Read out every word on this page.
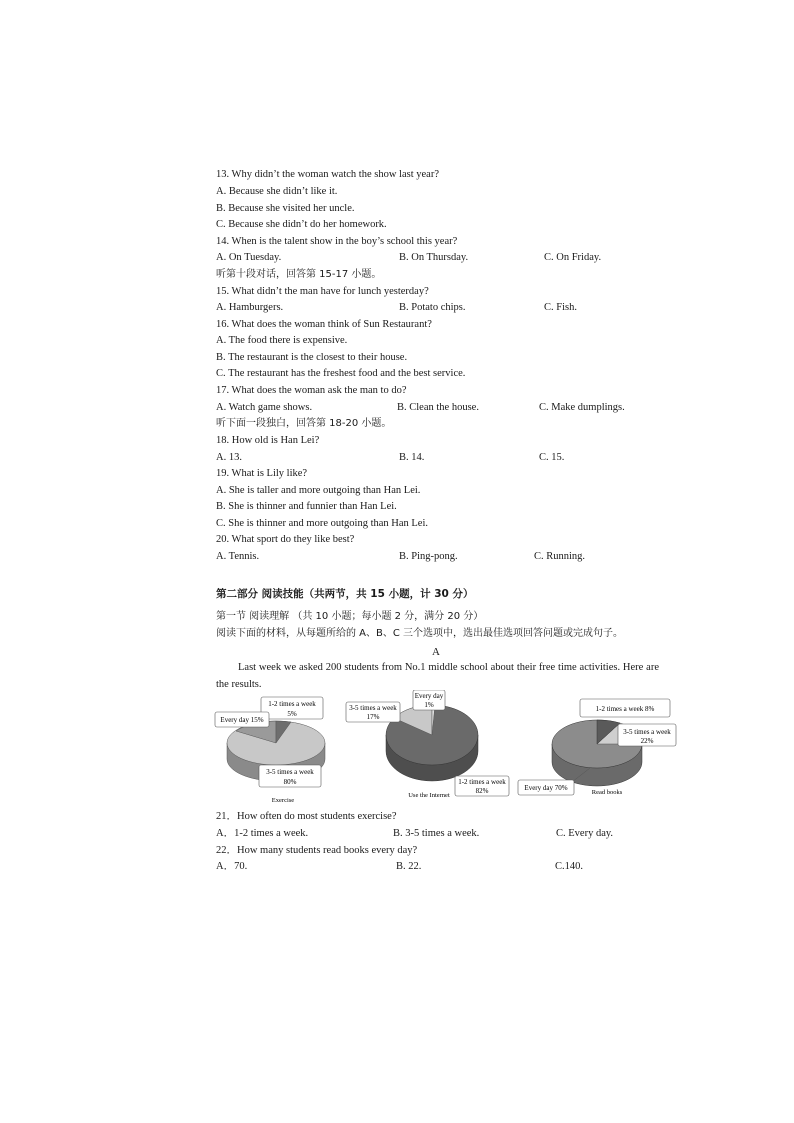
13. Why didn’t the woman watch the show last year?
A. Because she didn’t like it.
B. Because she visited her uncle.
C. Because she didn’t do her homework.
14. When is the talent show in the boy’s school this year?
A. On Tuesday.	B. On Thursday.	C. On Friday.
听第十段对话，回答第 15-17 小题。
15. What didn’t the man have for lunch yesterday?
A. Hamburgers.	B. Potato chips.	C. Fish.
16. What does the woman think of Sun Restaurant?
A. The food there is expensive.
B. The restaurant is the closest to their house.
C. The restaurant has the freshest food and the best service.
17. What does the woman ask the man to do?
A. Watch game shows.	B. Clean the house.	C. Make dumplings.
听下面一段独白，回答第 18-20 小题。
18. How old is Han Lei?
A. 13.	B. 14.	C. 15.
19. What is Lily like?
A. She is taller and more outgoing than Han Lei.
B. She is thinner and funnier than Han Lei.
C. She is thinner and more outgoing than Han Lei.
20. What sport do they like best?
A. Tennis.	B. Ping-pong.	C. Running.
第二部分 阅读技能（共两节，共 15 小题，计 30 分）
第一节 阅读理解 （共 10 小题；每小题 2 分，满分 20 分）
阅读下面的材料，从每题所给的 A、B、C 三个选项中，选出最佳选项回答问题或完成句子。
A
Last week we asked 200 students from No.1 middle school about their free time activities. Here are the results.
1-2 times a week
5%
Every day 15%
3-5 times a week
80%
Exercise
Every day
1%
3-5 times a week
17%
1-2 times a week
82%
Use the Internet
1-2 times a week 8%
3-5 times a week
22%
Every day 70%
Read books
21．How often do most students exercise?
A．1-2 times a week.	B. 3-5 times a week.	C. Every day.
22．How many students read books every day?
A．70.	B. 22.	C.140.
